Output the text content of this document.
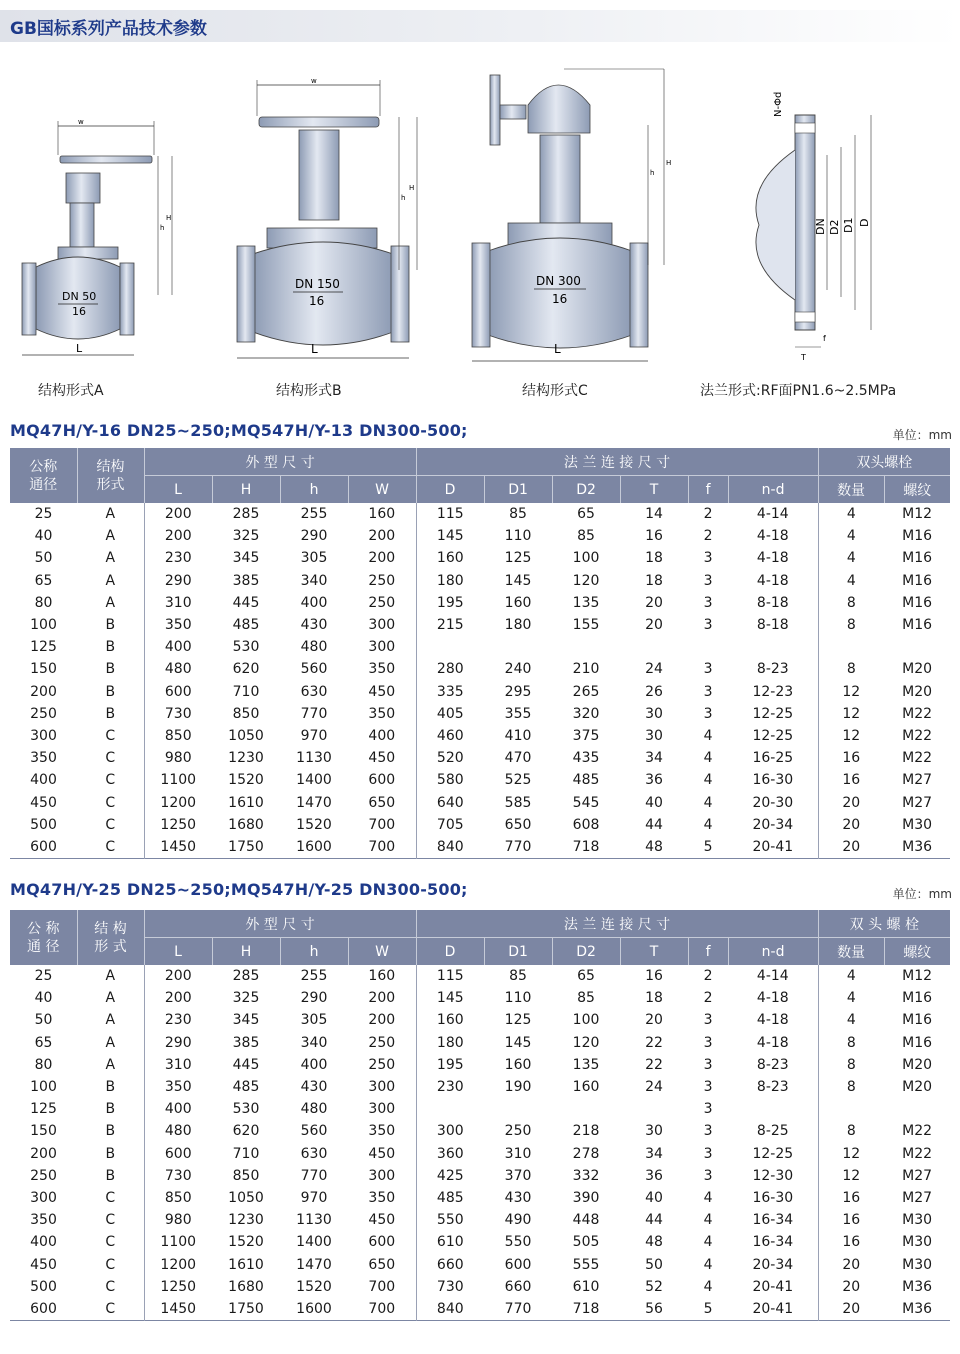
GB国标系列产品技术参数
w
DN 50
16
L
h
H
结构形式A
w
DN 150
16
L
h
H
结构形式B
DN 300
16
L
h
H
结构形式C
N-Φd
DN D2 D1 D
f
T
法兰形式:RF面PN1.6~2.5MPa
MQ47H/Y-16 DN25~250;MQ547H/Y-13 DN300-500;	单位：mm
公称
通径	结构
形式	外 型 尺 寸				法 兰 连 接 尺 寸						双头螺栓	
		L	H	h	W	D	D1	D2	T	f	n-d	数量	螺纹
25	A	200	285	255	160	115	85	65	14	2	4-14	4	M12
40	A	200	325	290	200	145	110	85	16	2	4-18	4	M16
50	A	230	345	305	200	160	125	100	18	3	4-18	4	M16
65	A	290	385	340	250	180	145	120	18	3	4-18	4	M16
80	A	310	445	400	250	195	160	135	20	3	8-18	8	M16
100	B	350	485	430	300	215	180	155	20	3	8-18	8	M16
125	B	400	530	480	300								
150	B	480	620	560	350	280	240	210	24	3	8-23	8	M20
200	B	600	710	630	450	335	295	265	26	3	12-23	12	M20
250	B	730	850	770	350	405	355	320	30	3	12-25	12	M22
300	C	850	1050	970	400	460	410	375	30	4	12-25	12	M22
350	C	980	1230	1130	450	520	470	435	34	4	16-25	16	M22
400	C	1100	1520	1400	600	580	525	485	36	4	16-30	16	M27
450	C	1200	1610	1470	650	640	585	545	40	4	20-30	20	M27
500	C	1250	1680	1520	700	705	650	608	44	4	20-34	20	M30
600	C	1450	1750	1600	700	840	770	718	48	5	20-41	20	M36
MQ47H/Y-25 DN25~250;MQ547H/Y-25 DN300-500;	单位：mm
公 称
通 径	结 构
形 式	外 型 尺 寸				法 兰 连 接 尺 寸						双 头 螺 栓	
		L	H	h	W	D	D1	D2	T	f	n-d	数量	螺纹
25	A	200	285	255	160	115	85	65	16	2	4-14	4	M12
40	A	200	325	290	200	145	110	85	18	2	4-18	4	M16
50	A	230	345	305	200	160	125	100	20	3	4-18	4	M16
65	A	290	385	340	250	180	145	120	22	3	4-18	8	M16
80	A	310	445	400	250	195	160	135	22	3	8-23	8	M20
100	B	350	485	430	300	230	190	160	24	3	8-23	8	M20
125	B	400	530	480	300					3			
150	B	480	620	560	350	300	250	218	30	3	8-25	8	M22
200	B	600	710	630	450	360	310	278	34	3	12-25	12	M22
250	B	730	850	770	300	425	370	332	36	3	12-30	12	M27
300	C	850	1050	970	350	485	430	390	40	4	16-30	16	M27
350	C	980	1230	1130	450	550	490	448	44	4	16-34	16	M30
400	C	1100	1520	1400	600	610	550	505	48	4	16-34	16	M30
450	C	1200	1610	1470	650	660	600	555	50	4	20-34	20	M30
500	C	1250	1680	1520	700	730	660	610	52	4	20-41	20	M36
600	C	1450	1750	1600	700	840	770	718	56	5	20-41	20	M36
